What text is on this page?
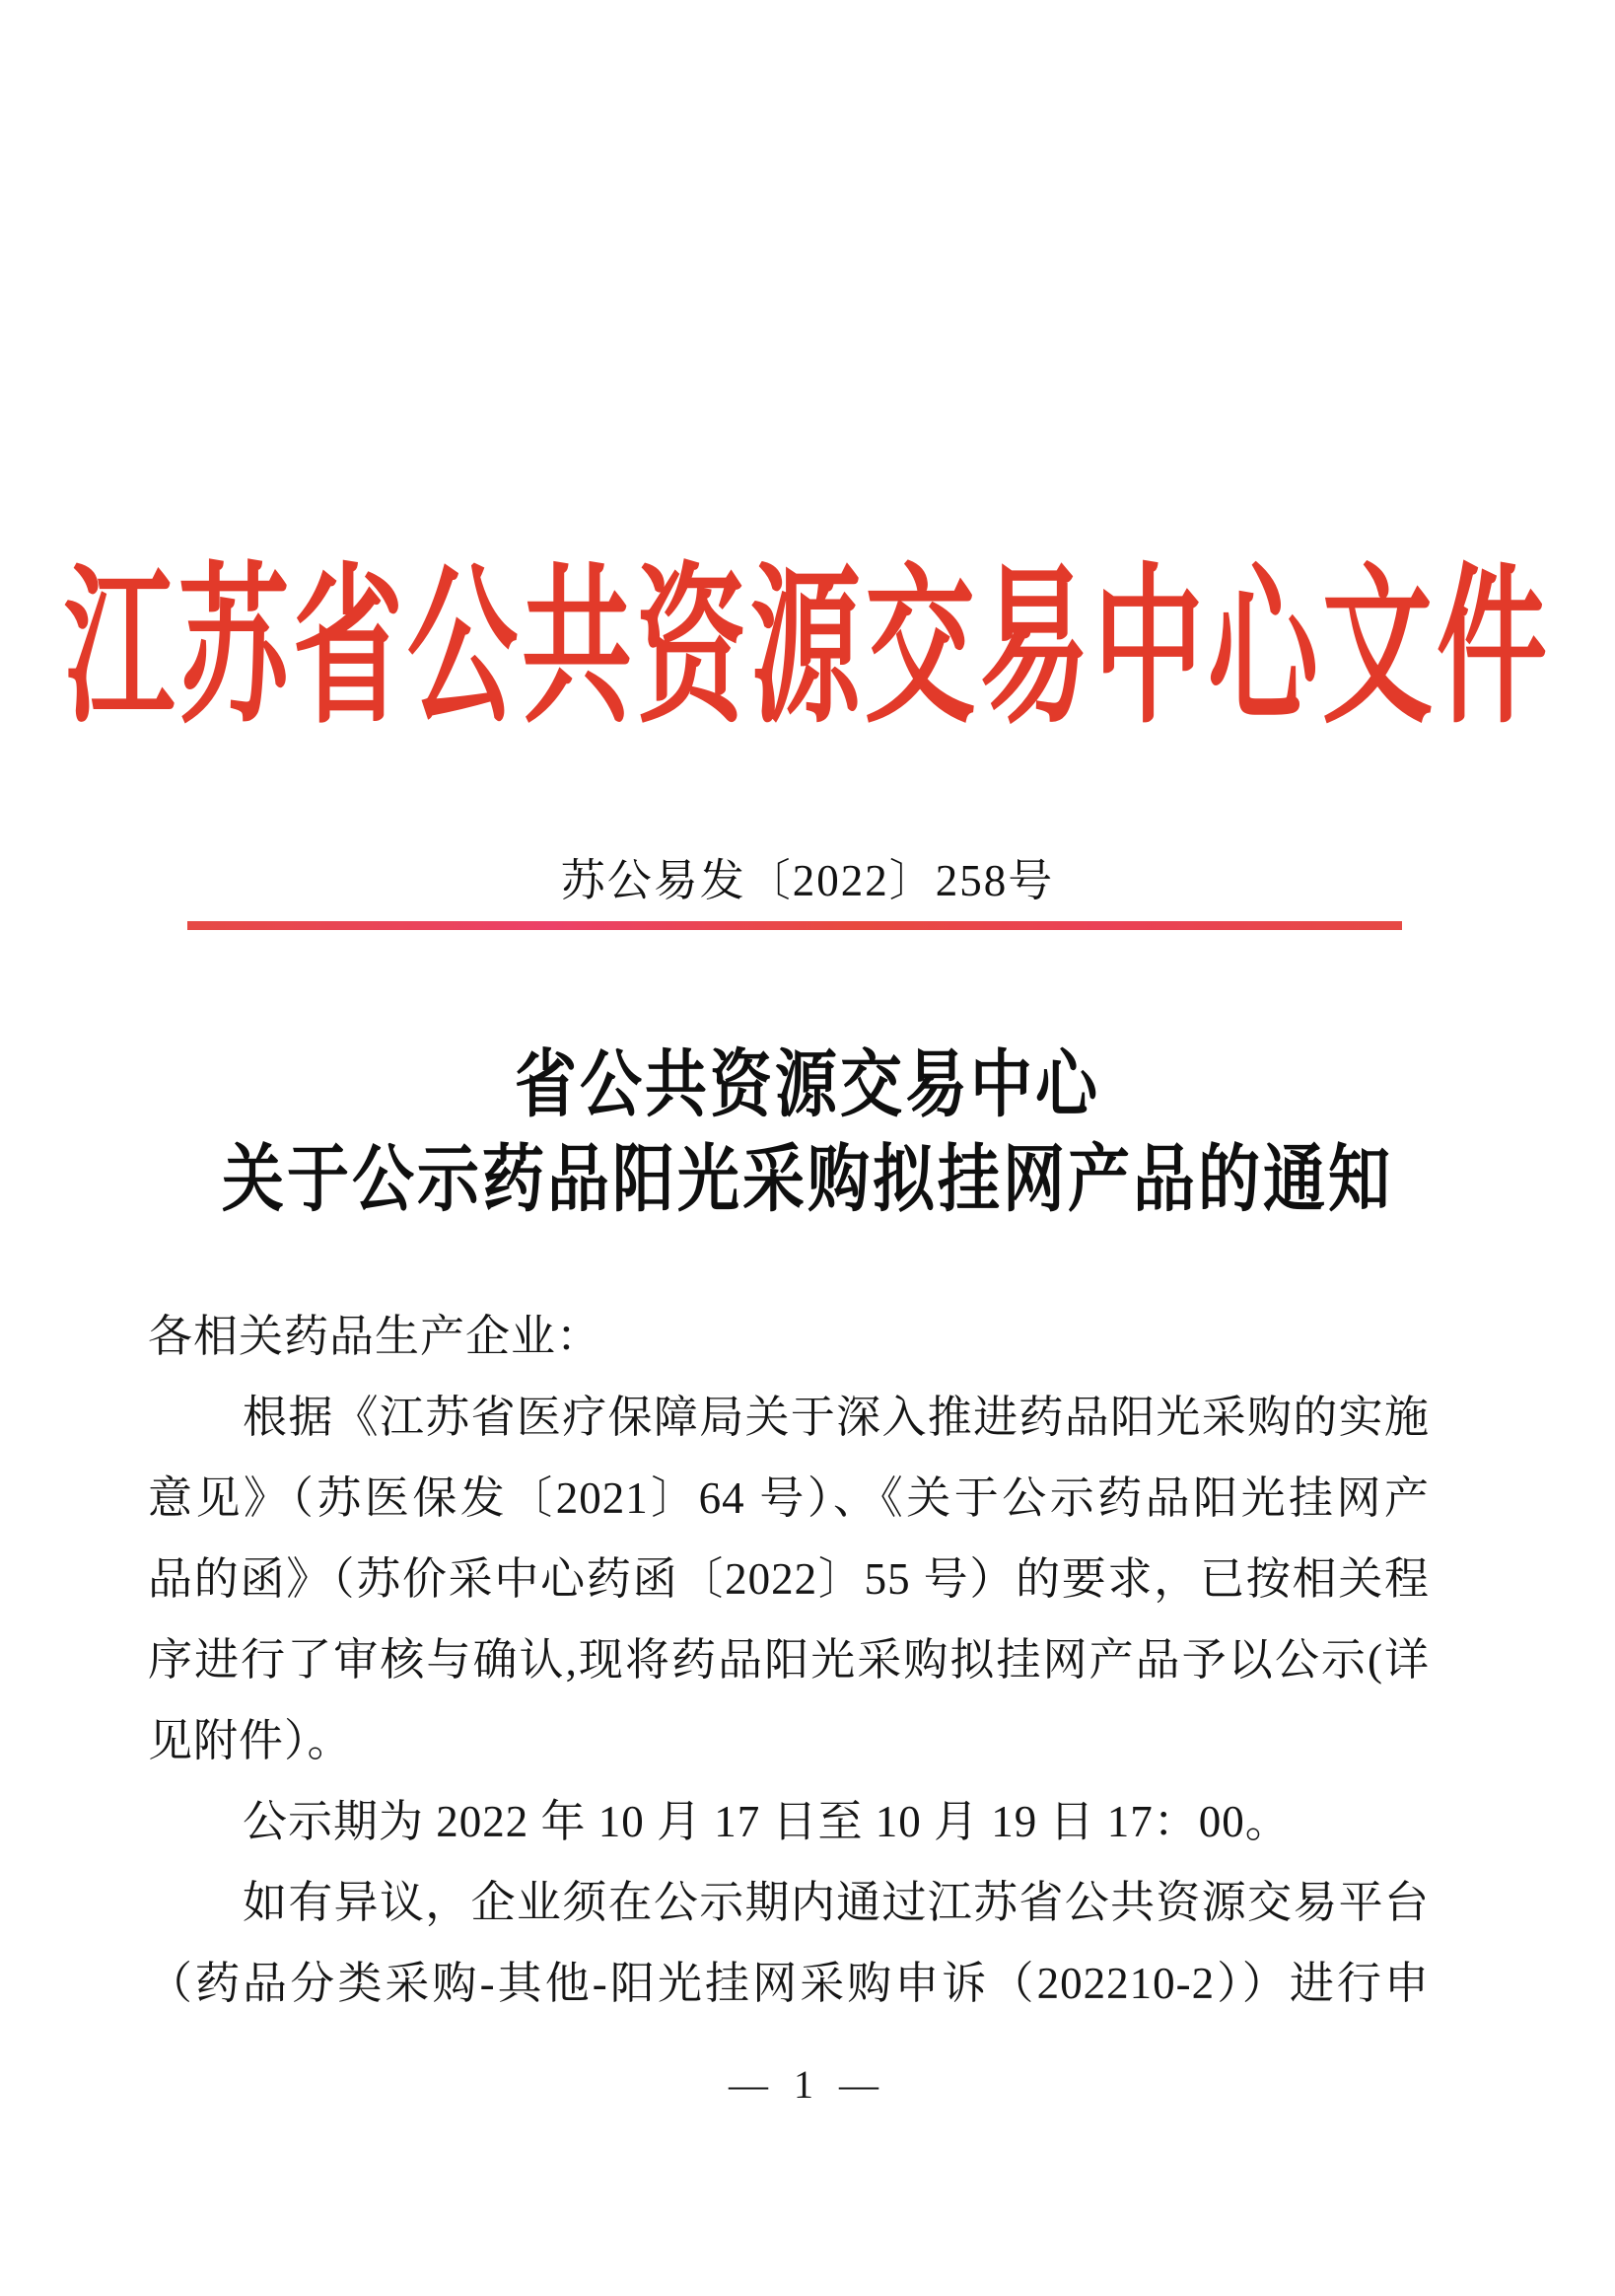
江苏省公共资源交易中心文件
苏公易发〔2022〕258号
省公共资源交易中心
关于公示药品阳光采购拟挂网产品的通知
各相关药品生产企业：
根据《江苏省医疗保障局关于深入推进药品阳光采购的实施
意见》（苏医保发〔2021〕64 号）、《关于公示药品阳光挂网产
品的函》（苏价采中心药函〔2022〕55 号）的要求，已按相关程
序进行了审核与确认,现将药品阳光采购拟挂网产品予以公示(详
见附件）。
公示期为 2022 年 10 月 17 日至 10 月 19 日 17：00。
如有异议，企业须在公示期内通过江苏省公共资源交易平台
（药品分类采购-其他-阳光挂网采购申诉（202210-2））进行申
— 1 —
